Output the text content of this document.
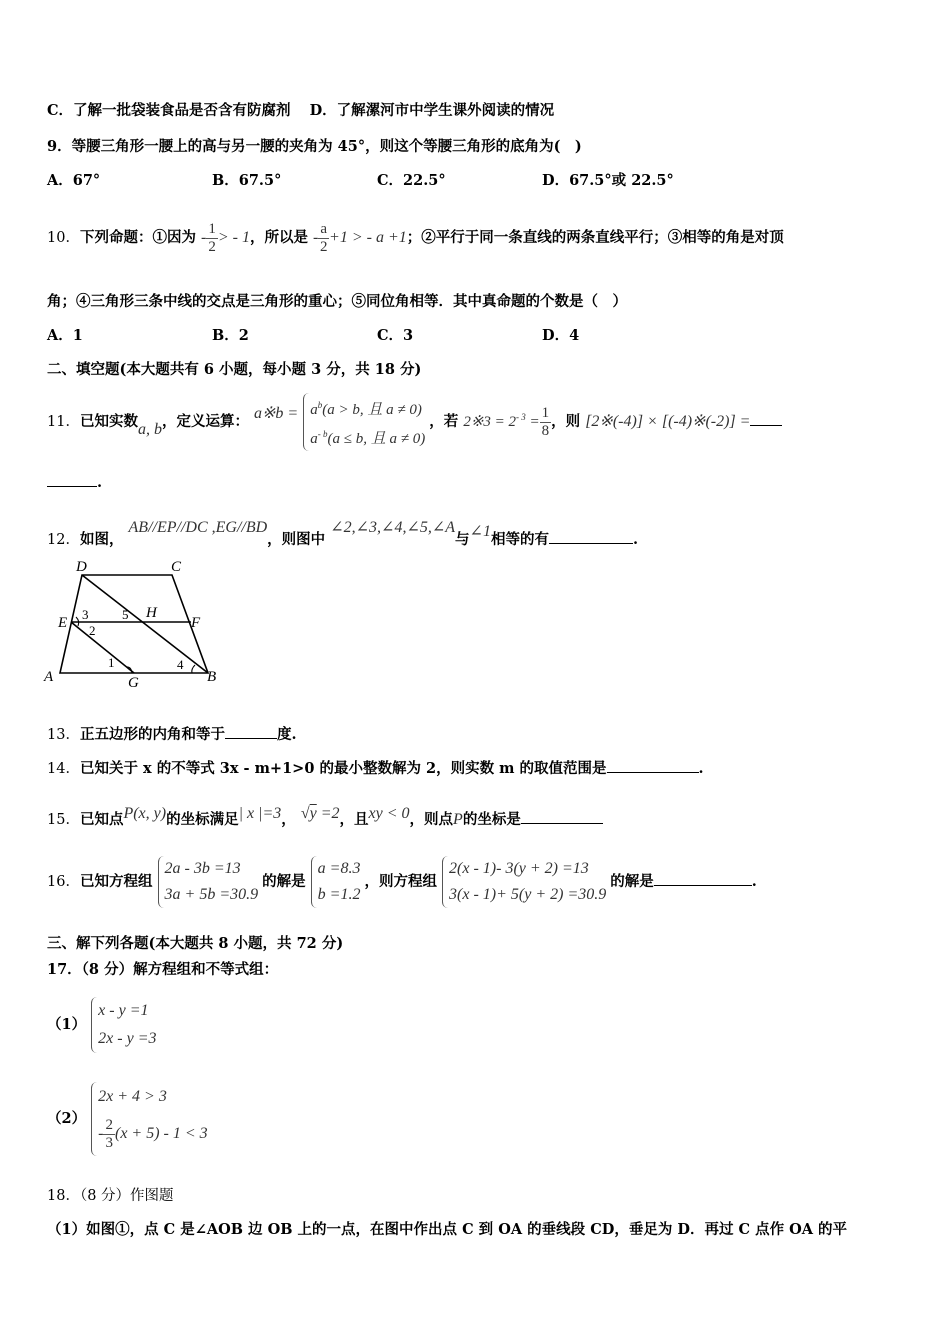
C．了解一批袋装食品是否含有防腐剂 D．了解漯河市中学生课外阅读的情况
9．等腰三角形一腰上的高与另一腰的夹角为 45°，则这个等腰三角形的底角为(　)
A．67°	B．67.5°	C．22.5°	D．67.5°或 22.5°
10．下列命题：①因为 - $\frac{1}{2}$ > - 1，所以是 - $\frac{a}{2} +1$ > - a +1；②平行于同一条直线的两条直线平行；③相等的角是对顶
角；④三角形三条中线的交点是三角形的重心；⑤同位角相等．其中真命题的个数是（　）
A．1	B．2	C．3	D．4
二、填空题(本大题共有 6 小题，每小题 3 分，共 18 分)
11．已知实数a, b，定义运算： a※b = $a^b(a > b$, 且 a ≠ 0)
$a^{- b}(a \le b$, 且 a ≠ 0)
，若 2※3 = $2^{- 3} = \frac{1}{8}$ ，则 [2※(-4)] × [(-4)※(-2)] =
.
12．如图， AB//EP//DC ,EG//BD，则图中 ∠2,∠3,∠4,∠5,∠A与∠1相等的有	.
D	C
E	F
H
A	G	B
3	5
2
1	4
13．正五边形的内角和等于	度.
14．已知关于 x 的不等式 3x - m+1>0 的最小整数解为 2，则实数 m 的取值范围是	.
15．已知点P(x, y)的坐标满足| x |=3， √y =2，且xy < 0，则点P的坐标是
16．已知方程组
2a - 3b =13
3a + 5b =30.9
的解是
a =8.3
b =1.2
，则方程组
2(x - 1)- 3(y + 2) =13
3(x - 1)+ 5(y + 2) =30.9
的解是	.
三、解下列各题(本大题共 8 小题，共 72 分)
17．（8 分）解方程组和不等式组：
（1）
x - y =1
2x - y =3
（2）
2x + 4 > 3
- $\frac{2}{3} (x + 5) - 1 < 3$
18．（8 分）作图题
（1）如图①，点 C 是∠AOB 边 OB 上的一点，在图中作出点 C 到 OA 的垂线段 CD，垂足为 D．再过 C 点作 OA 的平
